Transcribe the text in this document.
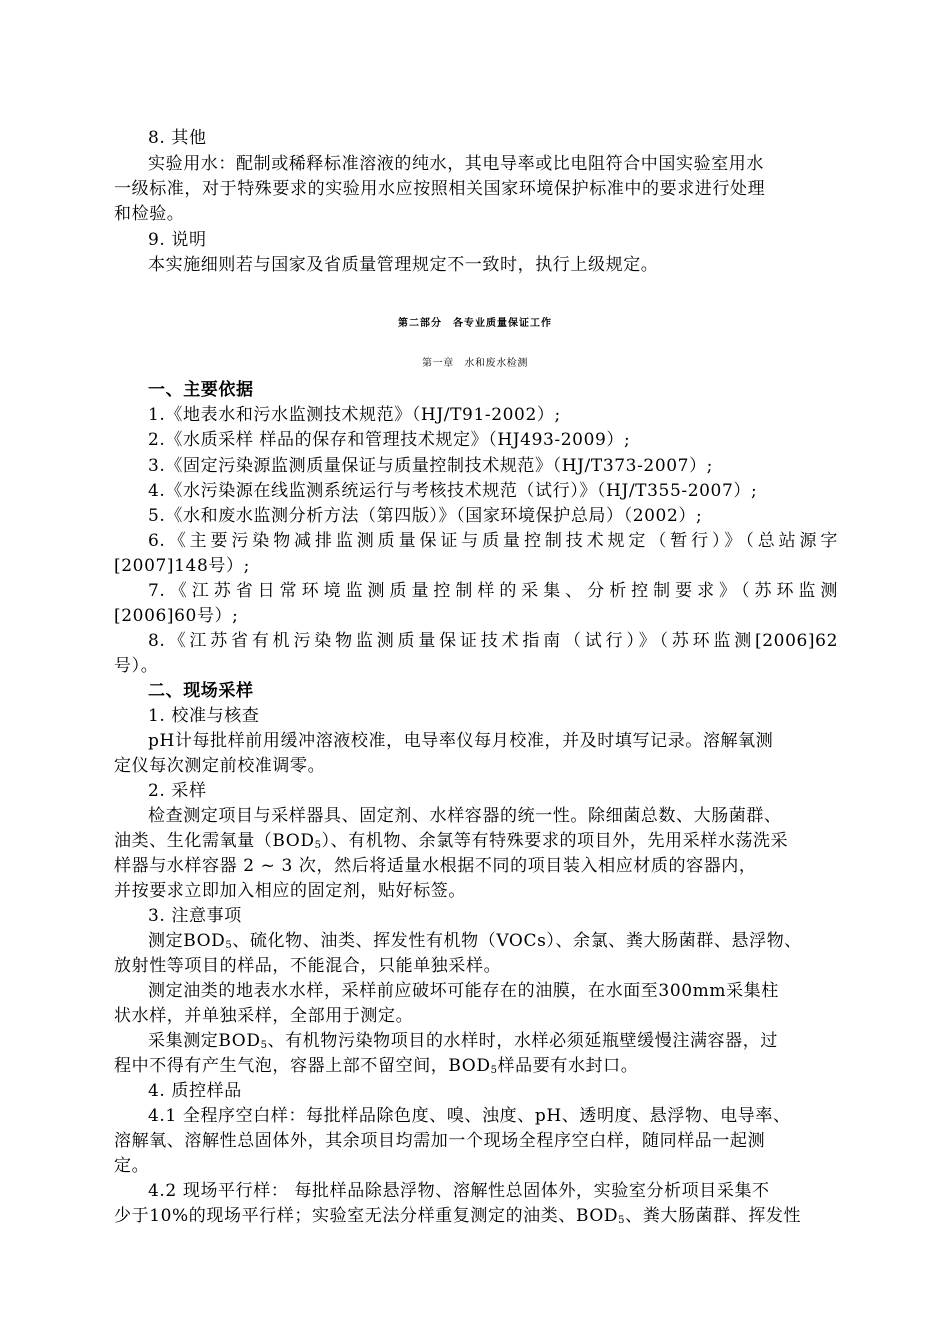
8. 其他
实验用水：配制或稀释标准溶液的纯水，其电导率或比电阻符合中国实验室用水
一级标准，对于特殊要求的实验用水应按照相关国家环境保护标准中的要求进行处理
和检验。
9. 说明
本实施细则若与国家及省质量管理规定不一致时，执行上级规定。
第二部分　各专业质量保证工作
第一章　水和废水检测
一、主要依据
1.《地表水和污水监测技术规范》（HJ/T91-2002）;
2.《水质采样 样品的保存和管理技术规定》（HJ493-2009）;
3.《固定污染源监测质量保证与质量控制技术规范》（HJ/T373-2007）;
4.《水污染源在线监测系统运行与考核技术规范（试行）》（HJ/T355-2007）;
5.《水和废水监测分析方法（第四版）》（国家环境保护总局）（2002）;
6.《主要污染物减排监测质量保证与质量控制技术规定（暂行）》（总站源字
[2007]148号）;
7.《江苏省日常环境监测质量控制样的采集、分析控制要求》（苏环监测
[2006]60号）;
8.《江苏省有机污染物监测质量保证技术指南（试行）》（苏环监测[2006]62
号）。
二、现场采样
1. 校准与核查
pH计每批样前用缓冲溶液校准，电导率仪每月校准，并及时填写记录。溶解氧测
定仪每次测定前校准调零。
2. 采样
检查测定项目与采样器具、固定剂、水样容器的统一性。除细菌总数、大肠菌群、
油类、生化需氧量$(BOD_5)$、有机物、余氯等有特殊要求的项目外，先用采样水荡洗采
样器与水样容器 2 ~ 3 次，然后将适量水根据不同的项目装入相应材质的容器内，
并按要求立即加入相应的固定剂，贴好标签。
3. 注意事项
测定$BOD_5$、硫化物、油类、挥发性有机物（VOCs）、余氯、粪大肠菌群、悬浮物、
放射性等项目的样品，不能混合，只能单独采样。
测定油类的地表水水样，采样前应破坏可能存在的油膜，在水面至300mm采集柱
状水样，并单独采样，全部用于测定。
采集测定$BOD_5$、有机物污染物项目的水样时，水样必须延瓶壁缓慢注满容器，过
程中不得有产生气泡，容器上部不留空间，$BOD_5$样品要有水封口。
4. 质控样品
4.1 全程序空白样：每批样品除色度、嗅、浊度、pH、透明度、悬浮物、电导率、
溶解氧、溶解性总固体外，其余项目均需加一个现场全程序空白样，随同样品一起测
定。
4.2 现场平行样： 每批样品除悬浮物、溶解性总固体外，实验室分析项目采集不
少于10%的现场平行样；实验室无法分样重复测定的油类、$BOD_5$、粪大肠菌群、挥发性
